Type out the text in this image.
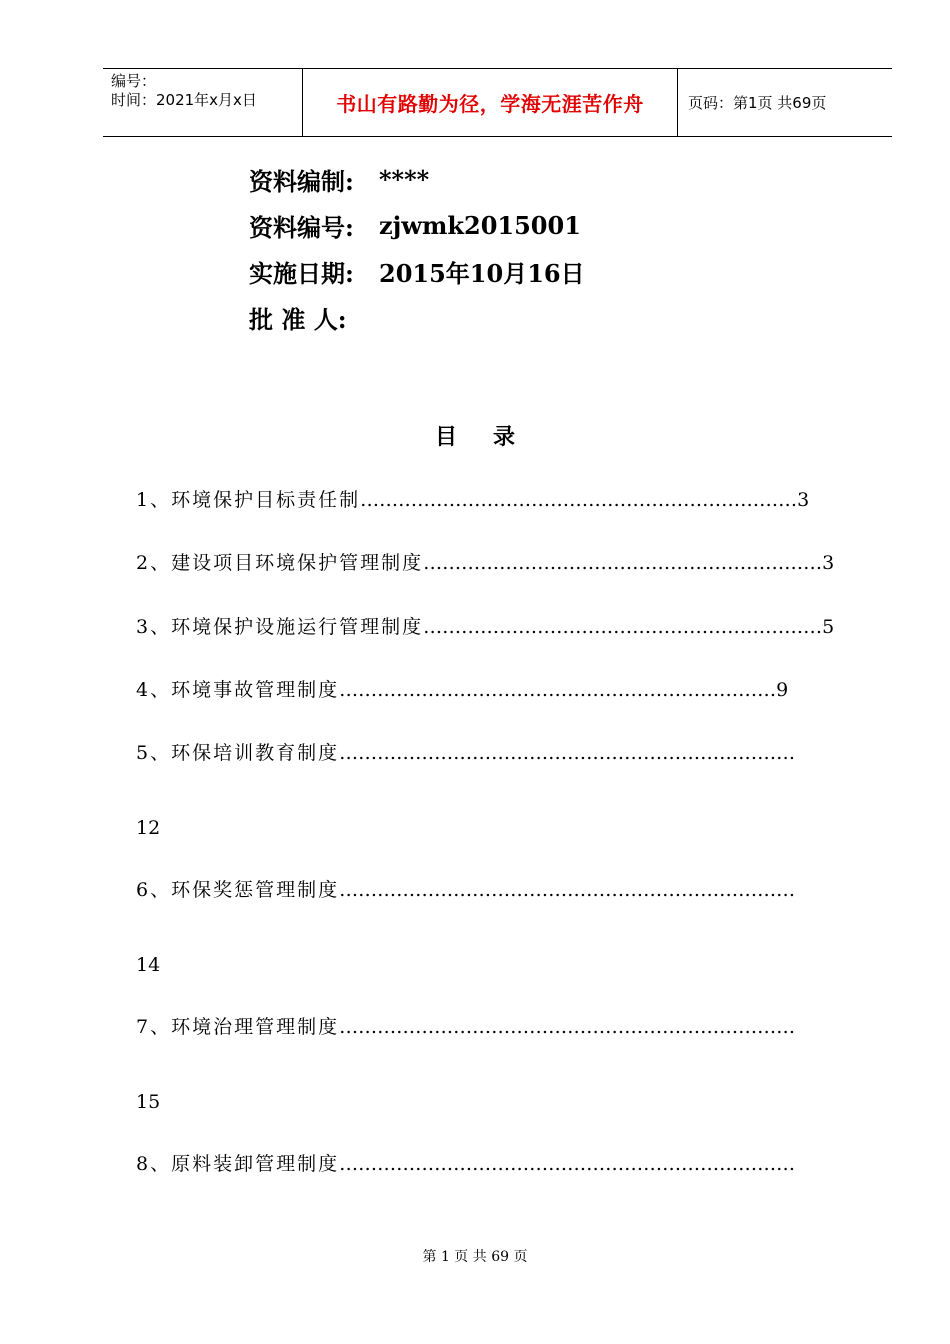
编号：
时间：2021年x月x日	书山有路勤为径，学海无涯苦作舟	页码：第1页 共69页
资料编制:	****
资料编号:	zjwmk2015001
实施日期:	2015年10月16日
批 准 人:
目录
1、环境保护目标责任制……………………………………………………………3
2、建设项目环境保护管理制度………………………………………………………3
3、环境保护设施运行管理制度………………………………………………………5
4、环境事故管理制度……………………………………………………………9
5、环保培训教育制度………………………………………………………………
12
6、环保奖惩管理制度………………………………………………………………
14
7、环境治理管理制度………………………………………………………………
15
8、原料装卸管理制度………………………………………………………………
第 1 页 共 69 页
